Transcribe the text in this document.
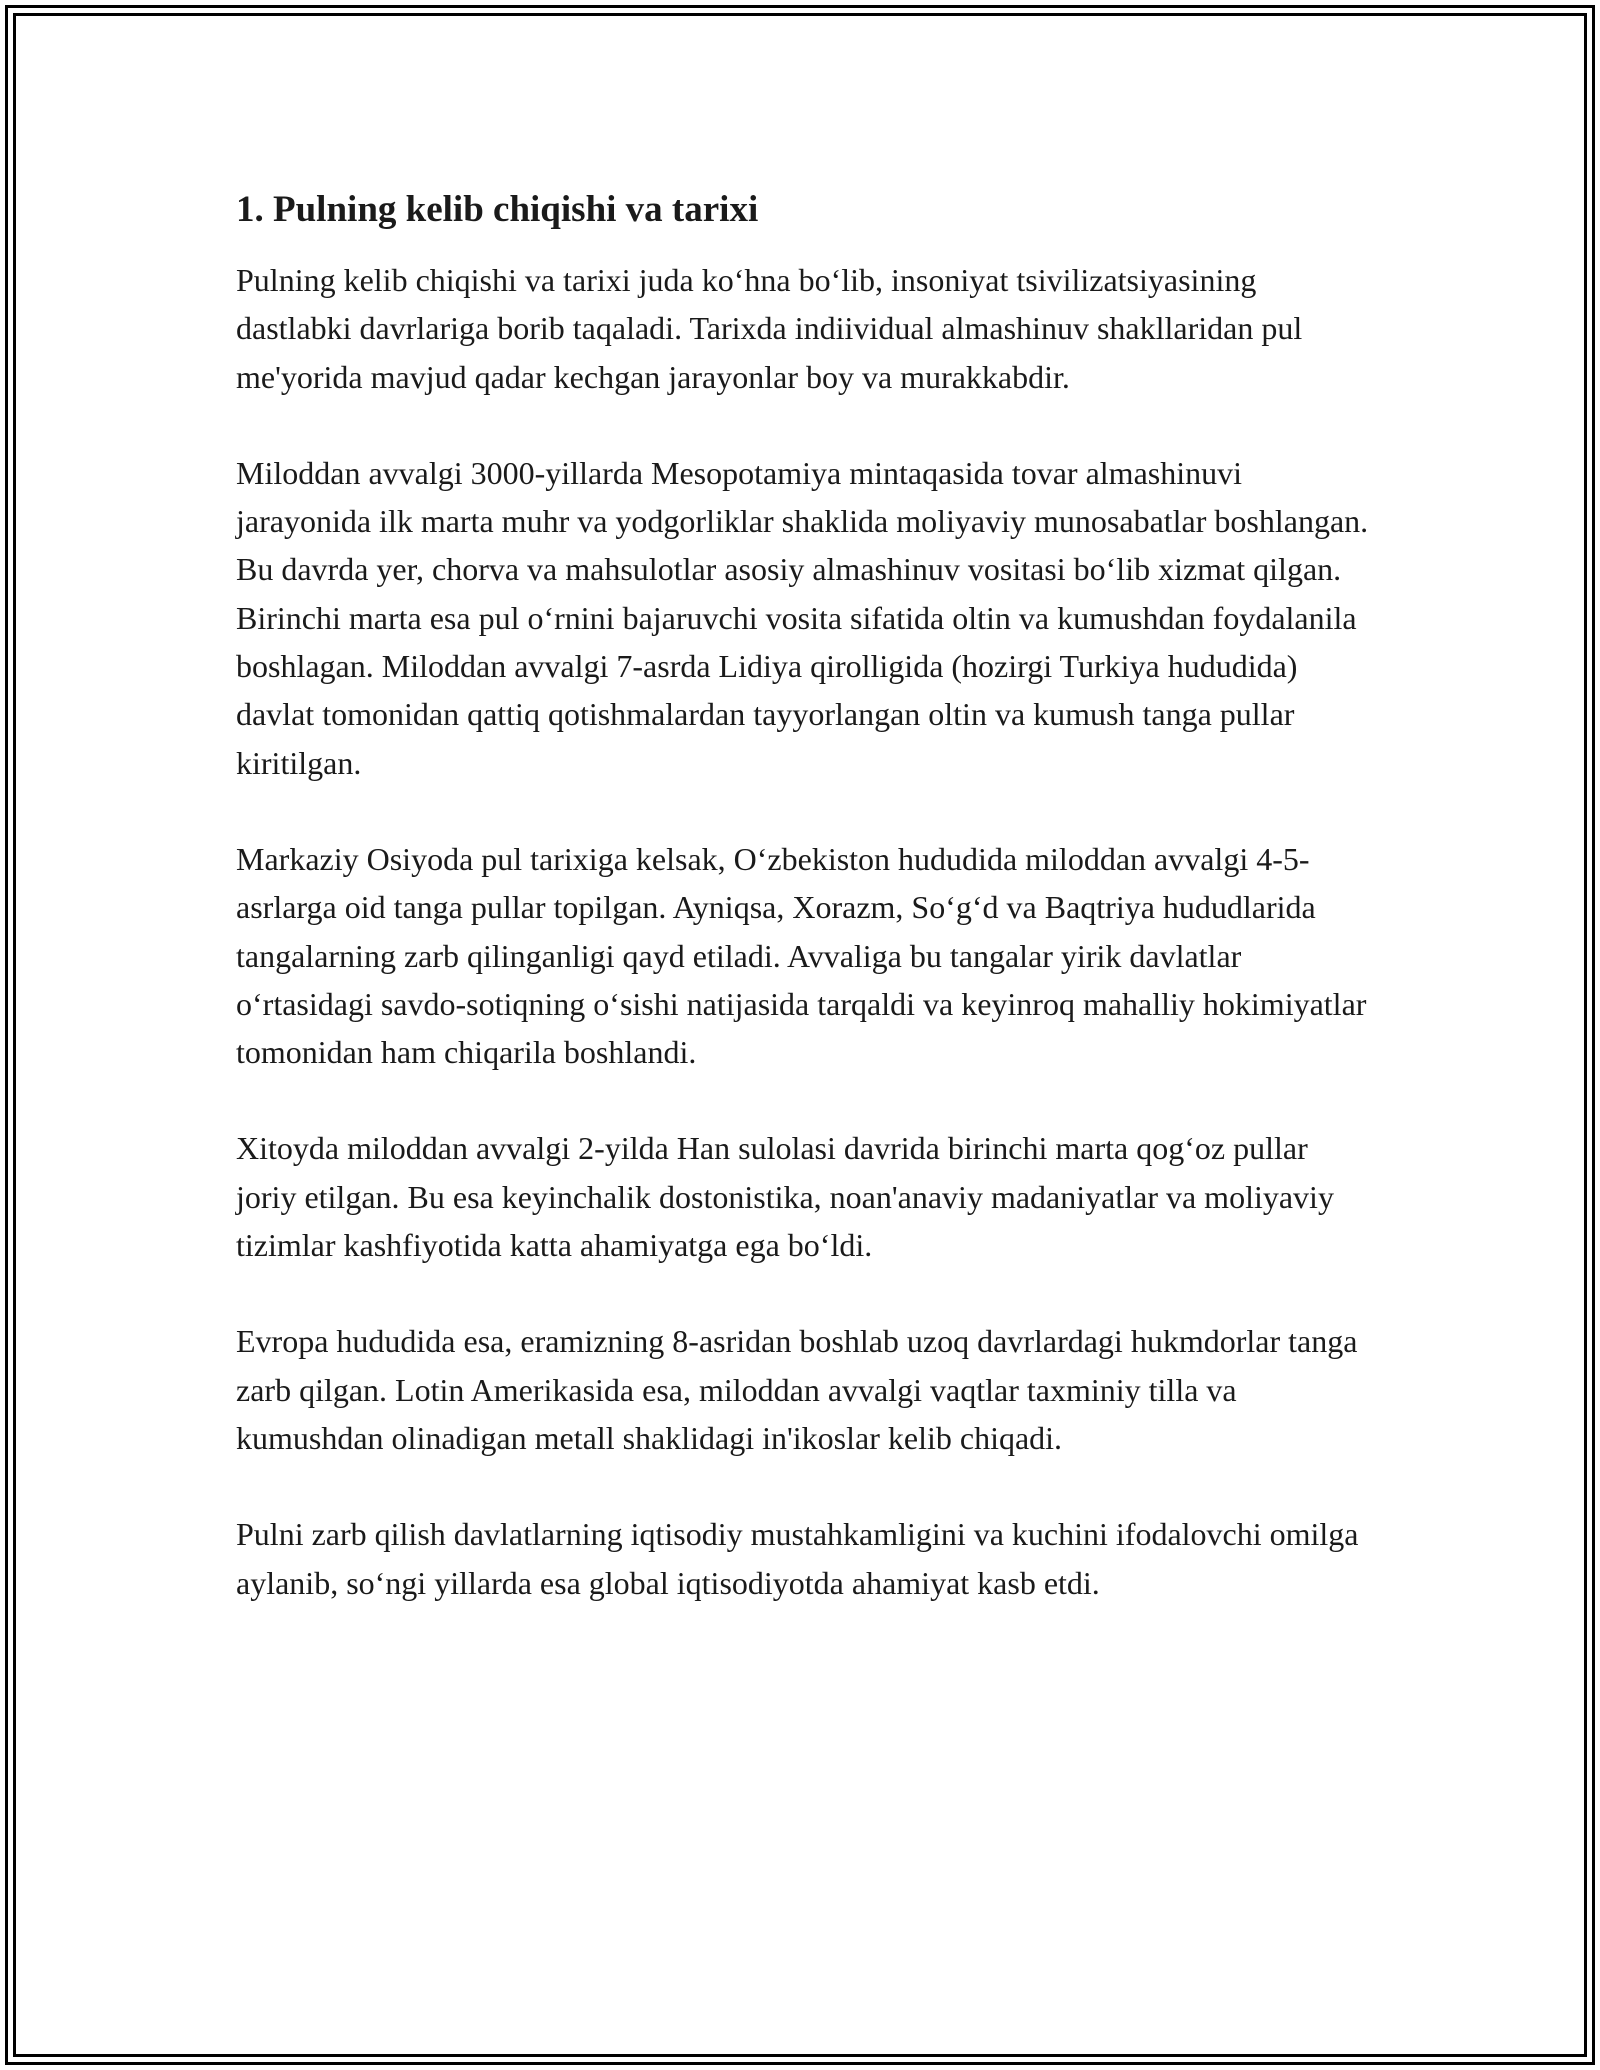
1. Pulning kelib chiqishi va tarixi

Pulning kelib chiqishi va tarixi juda ko‘hna bo‘lib, insoniyat tsivilizatsiyasining dastlabki davrlariga borib taqaladi. Tarixda indiividual almashinuv shakllaridan pul me'yorida mavjud qadar kechgan jarayonlar boy va murakkabdir.

Miloddan avvalgi 3000-yillarda Mesopotamiya mintaqasida tovar almashinuvi jarayonida ilk marta muhr va yodgorliklar shaklida moliyaviy munosabatlar boshlangan. Bu davrda yer, chorva va mahsulotlar asosiy almashinuv vositasi bo‘lib xizmat qilgan. Birinchi marta esa pul o‘rnini bajaruvchi vosita sifatida oltin va kumushdan foydalanila boshlagan. Miloddan avvalgi 7-asrda Lidiya qirolligida (hozirgi Turkiya hududida) davlat tomonidan qattiq qotishmalardan tayyorlangan oltin va kumush tanga pullar kiritilgan.

Markaziy Osiyoda pul tarixiga kelsak, O‘zbekiston hududida miloddan avvalgi 4-5-asrlarga oid tanga pullar topilgan. Ayniqsa, Xorazm, So‘g‘d va Baqtriya hududlarida tangalarning zarb qilinganligi qayd etiladi. Avvaliga bu tangalar yirik davlatlar o‘rtasidagi savdo-sotiqning o‘sishi natijasida tarqaldi va keyinroq mahalliy hokimiyatlar tomonidan ham chiqarila boshlandi.

Xitoyda miloddan avvalgi 2-yilda Han sulolasi davrida birinchi marta qog‘oz pullar joriy etilgan. Bu esa keyinchalik dostonistika, noan'anaviy madaniyatlar va moliyaviy tizimlar kashfiyotida katta ahamiyatga ega bo‘ldi.

Evropa hududida esa, eramizning 8-asridan boshlab uzoq davrlardagi hukmdorlar tanga zarb qilgan. Lotin Amerikasida esa, miloddan avvalgi vaqtlar taxminiy tilla va kumushdan olinadigan metall shaklidagi in'ikoslar kelib chiqadi.

Pulni zarb qilish davlatlarning iqtisodiy mustahkamligini va kuchini ifodalovchi omilga aylanib, so‘ngi yillarda esa global iqtisodiyotda ahamiyat kasb etdi.
